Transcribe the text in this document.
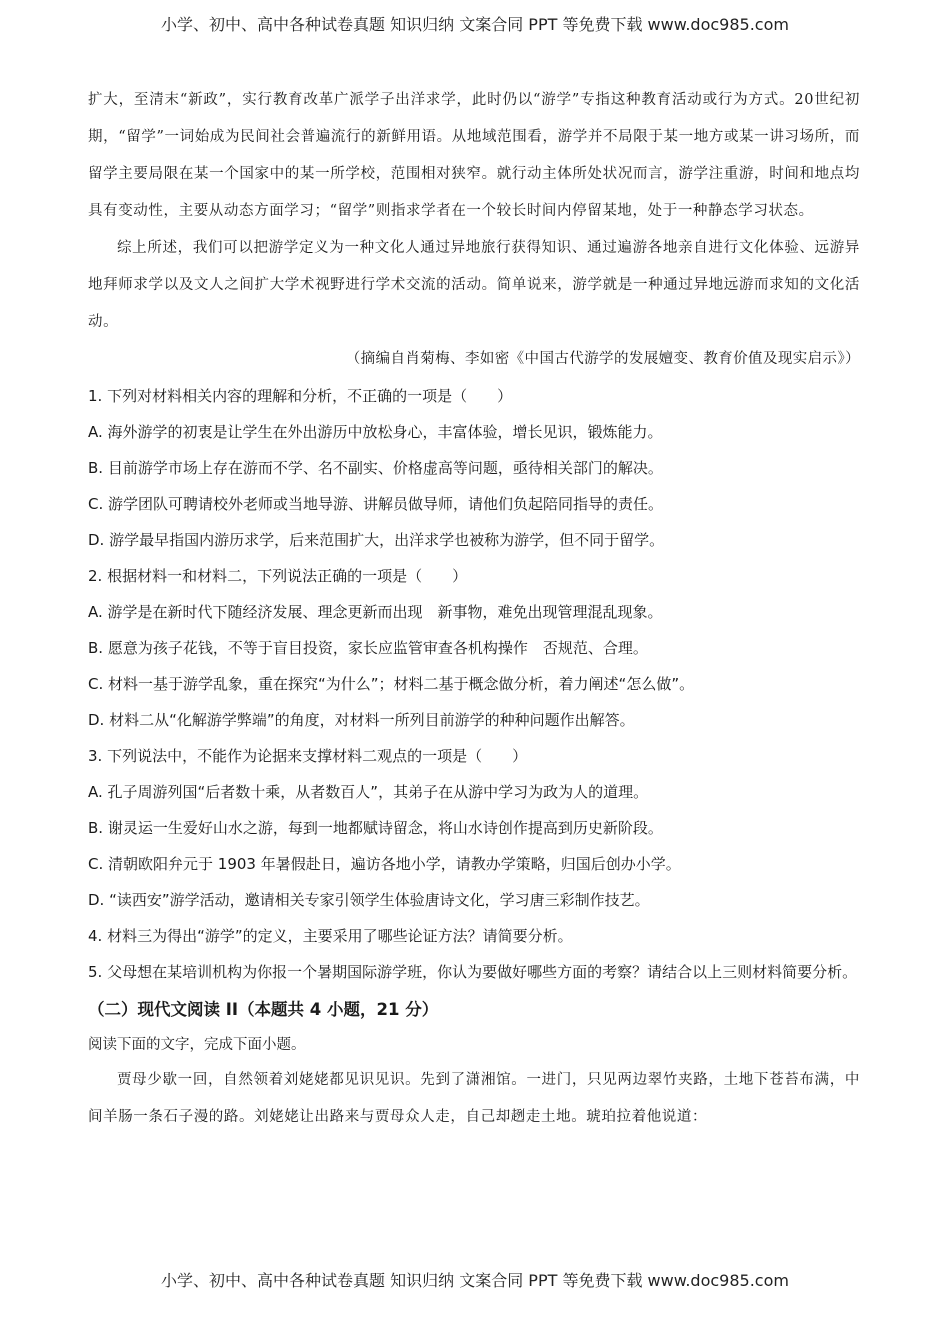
小学、初中、高中各种试卷真题 知识归纳 文案合同 PPT 等免费下载 www.doc985.com

扩大，至清末“新政”，实行教育改革广派学子出洋求学，此时仍以“游学”专指这种教育活动或行为方式。20世纪初期，“留学”一词始成为民间社会普遍流行的新鲜用语。从地域范围看，游学并不局限于某一地方或某一讲习场所，而留学主要局限在某一个国家中的某一所学校，范围相对狭窄。就行动主体所处状况而言，游学注重游，时间和地点均具有变动性，主要从动态方面学习；“留学”则指求学者在一个较长时间内停留某地，处于一种静态学习状态。

综上所述，我们可以把游学定义为一种文化人通过异地旅行获得知识、通过遍游各地亲自进行文化体验、远游异地拜师求学以及文人之间扩大学术视野进行学术交流的活动。简单说来，游学就是一种通过异地远游而求知的文化活动。

（摘编自肖菊梅、李如密《中国古代游学的发展嬗变、教育价值及现实启示》）

1. 下列对材料相关内容的理解和分析，不正确的一项是（　　）

A. 海外游学的初衷是让学生在外出游历中放松身心，丰富体验，增长见识，锻炼能力。

B. 目前游学市场上存在游而不学、名不副实、价格虚高等问题，亟待相关部门的解决。

C. 游学团队可聘请校外老师或当地导游、讲解员做导师，请他们负起陪同指导的责任。

D. 游学最早指国内游历求学，后来范围扩大，出洋求学也被称为游学，但不同于留学。

2. 根据材料一和材料二，下列说法正确的一项是（　　）

A. 游学是在新时代下随经济发展、理念更新而出现　新事物，难免出现管理混乱现象。

B. 愿意为孩子花钱，不等于盲目投资，家长应监管审查各机构操作　否规范、合理。

C. 材料一基于游学乱象，重在探究“为什么”；材料二基于概念做分析，着力阐述“怎么做”。

D. 材料二从“化解游学弊端”的角度，对材料一所列目前游学的种种问题作出解答。

3. 下列说法中，不能作为论据来支撑材料二观点的一项是（　　）

A. 孔子周游列国“后者数十乘，从者数百人”，其弟子在从游中学习为政为人的道理。

B. 谢灵运一生爱好山水之游，每到一地都赋诗留念，将山水诗创作提高到历史新阶段。

C. 清朝欧阳弁元于 1903 年暑假赴日，遍访各地小学，请教办学策略，归国后创办小学。

D. “读西安”游学活动，邀请相关专家引领学生体验唐诗文化，学习唐三彩制作技艺。

4. 材料三为得出“游学”的定义，主要采用了哪些论证方法？请简要分析。

5. 父母想在某培训机构为你报一个暑期国际游学班，你认为要做好哪些方面的考察？请结合以上三则材料简要分析。

（二）现代文阅读 II（本题共 4 小题，21 分）

阅读下面的文字，完成下面小题。

贾母少歇一回，自然领着刘姥姥都见识见识。先到了潇湘馆。一进门，只见两边翠竹夹路，土地下苍苔布满，中间羊肠一条石子漫的路。刘姥姥让出路来与贾母众人走，自己却趔走土地。琥珀拉着他说道：

小学、初中、高中各种试卷真题 知识归纳 文案合同 PPT 等免费下载 www.doc985.com
